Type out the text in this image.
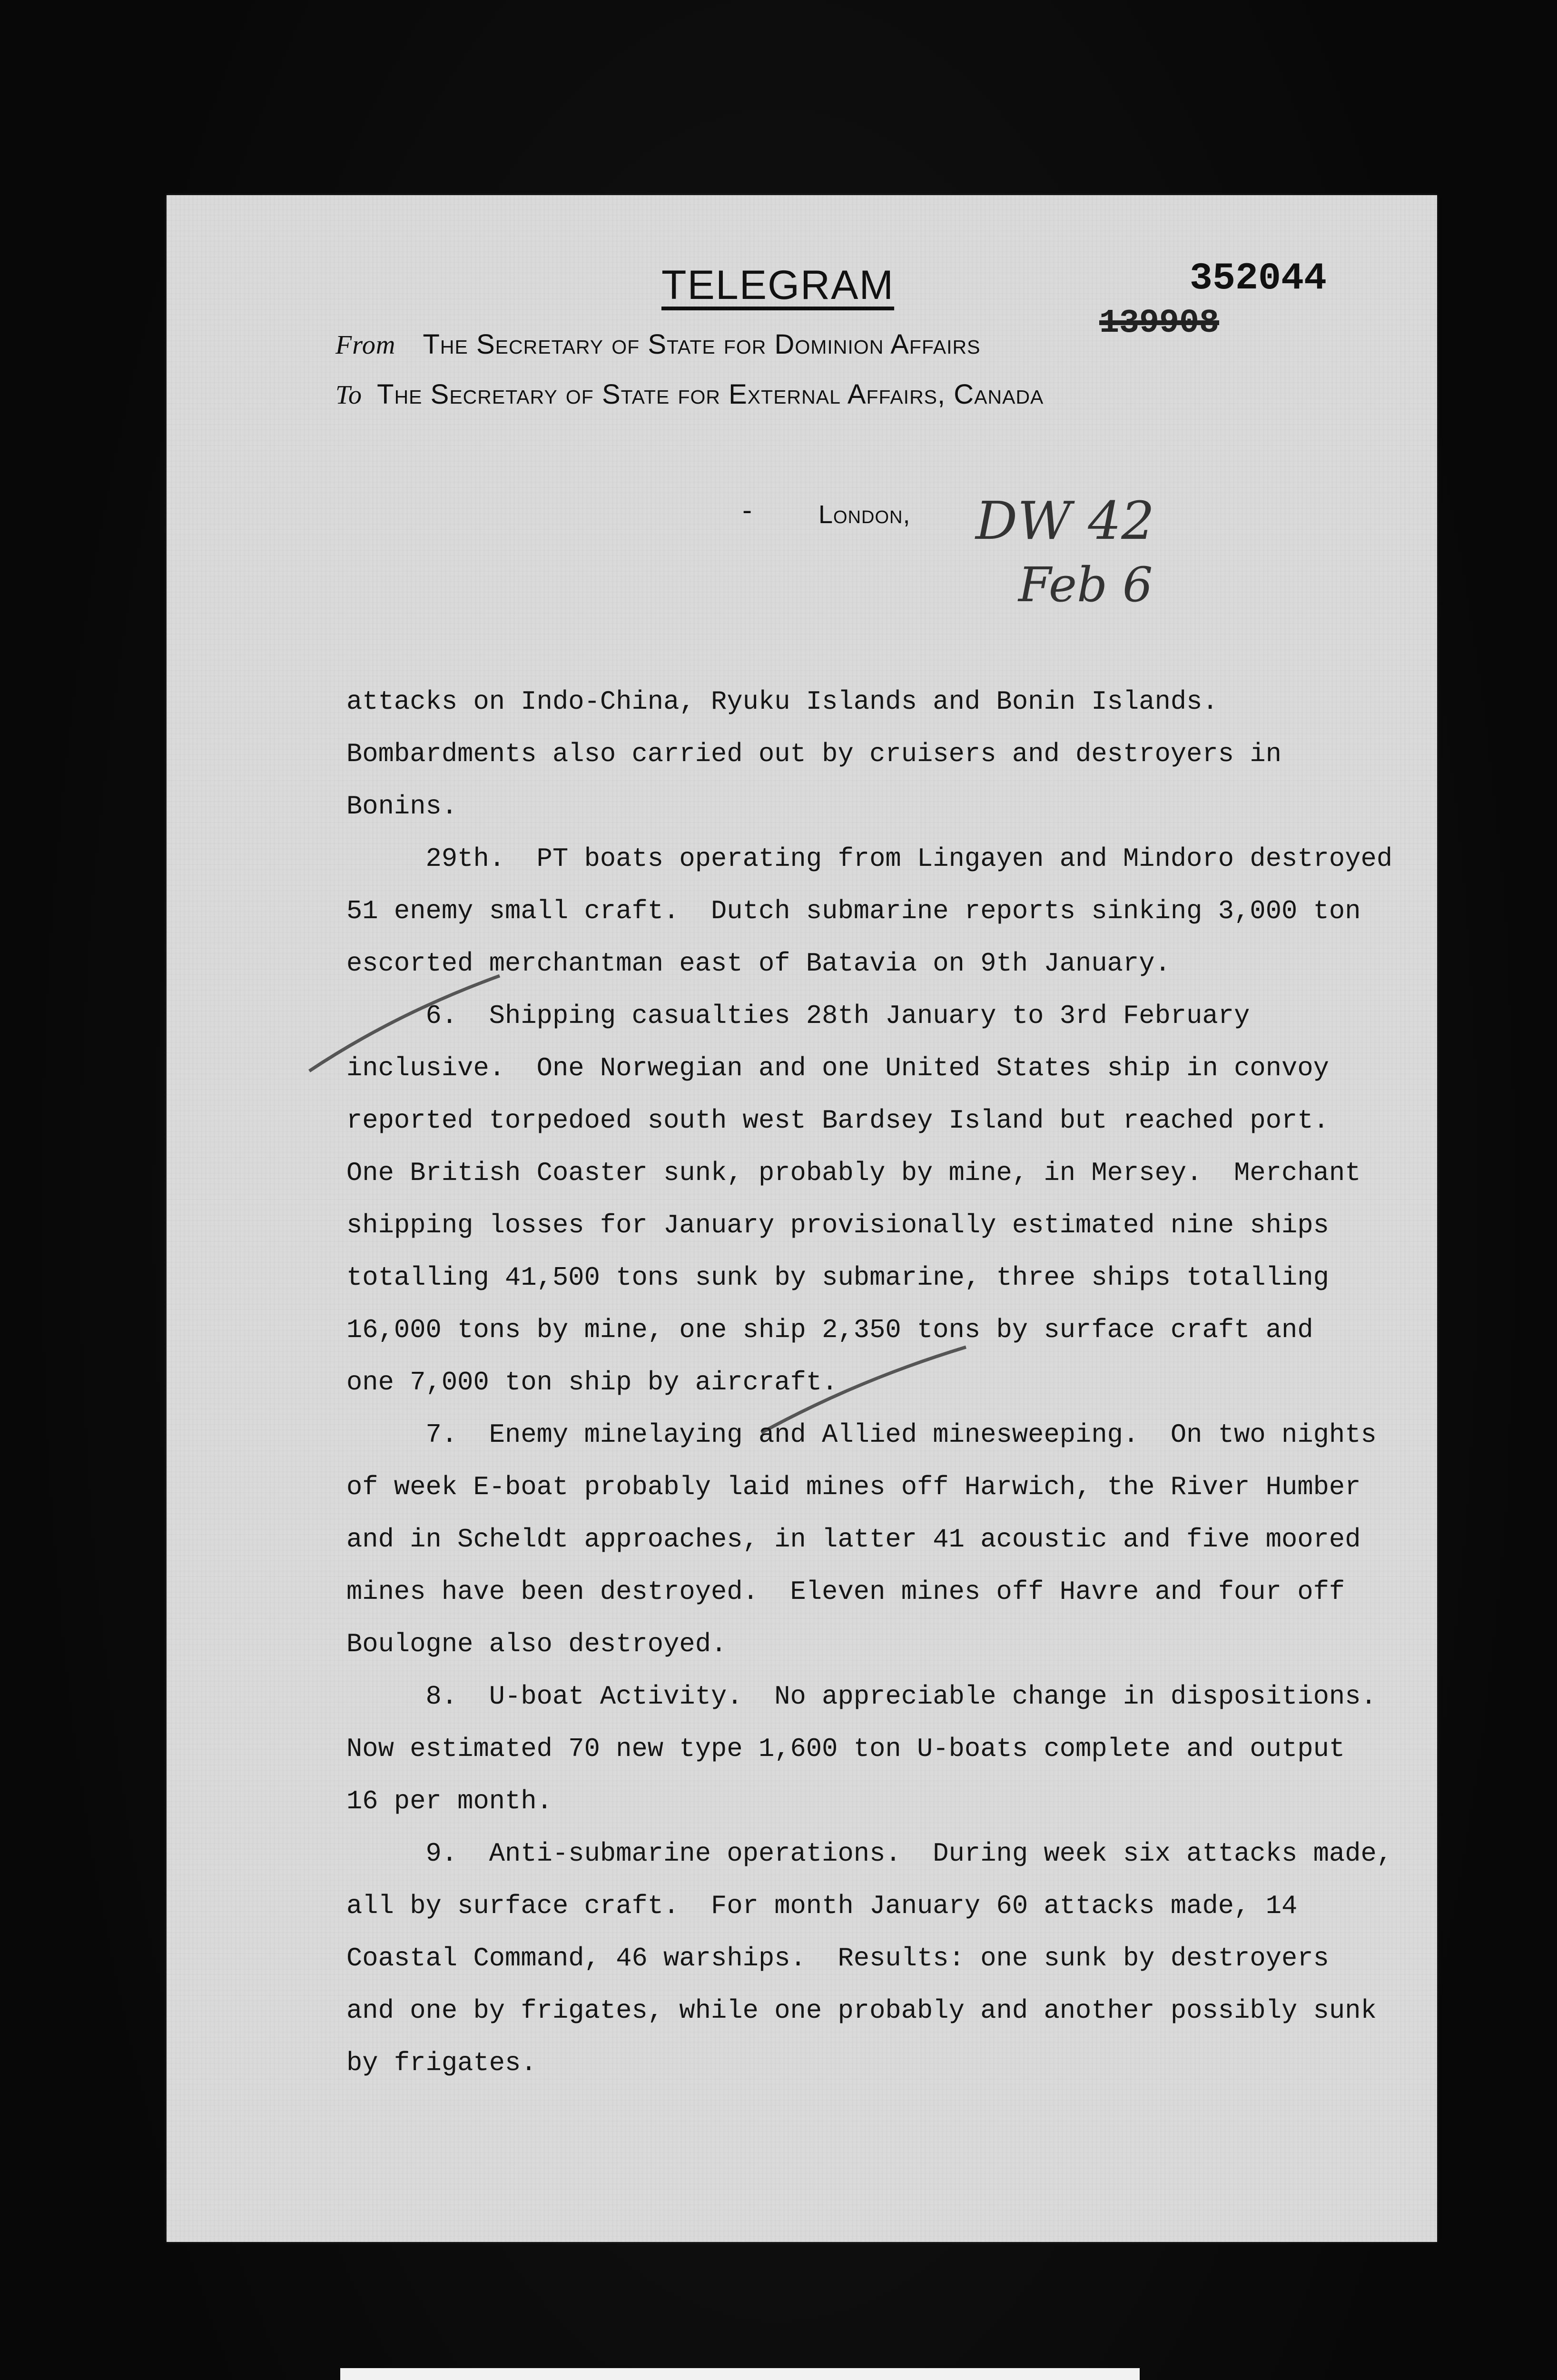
TELEGRAM	352044
139908
From The Secretary of State for Dominion Affairs
To The Secretary of State for External Affairs, Canada
-	London, DW 42
Feb 6
attacks on Indo-China, Ryuku Islands and Bonin Islands.
Bombardments also carried out by cruisers and destroyers in
Bonins.
29th.  PT boats operating from Lingayen and Mindoro destroyed
51 enemy small craft.  Dutch submarine reports sinking 3,000 ton
escorted merchantman east of Batavia on 9th January.
6.  Shipping casualties 28th January to 3rd February
inclusive.  One Norwegian and one United States ship in convoy
reported torpedoed south west Bardsey Island but reached port.
One British Coaster sunk, probably by mine, in Mersey.  Merchant
shipping losses for January provisionally estimated nine ships
totalling 41,500 tons sunk by submarine, three ships totalling
16,000 tons by mine, one ship 2,350 tons by surface craft and
one 7,000 ton ship by aircraft.
7.  Enemy minelaying and Allied minesweeping.  On two nights
of week E-boat probably laid mines off Harwich, the River Humber
and in Scheldt approaches, in latter 41 acoustic and five moored
mines have been destroyed.  Eleven mines off Havre and four off
Boulogne also destroyed.
8.  U-boat Activity.  No appreciable change in dispositions.
Now estimated 70 new type 1,600 ton U-boats complete and output
16 per month.
9.  Anti-submarine operations.  During week six attacks made,
all by surface craft.  For month January 60 attacks made, 14
Coastal Command, 46 warships.  Results: one sunk by destroyers
and one by frigates, while one probably and another possibly sunk
by frigates.
